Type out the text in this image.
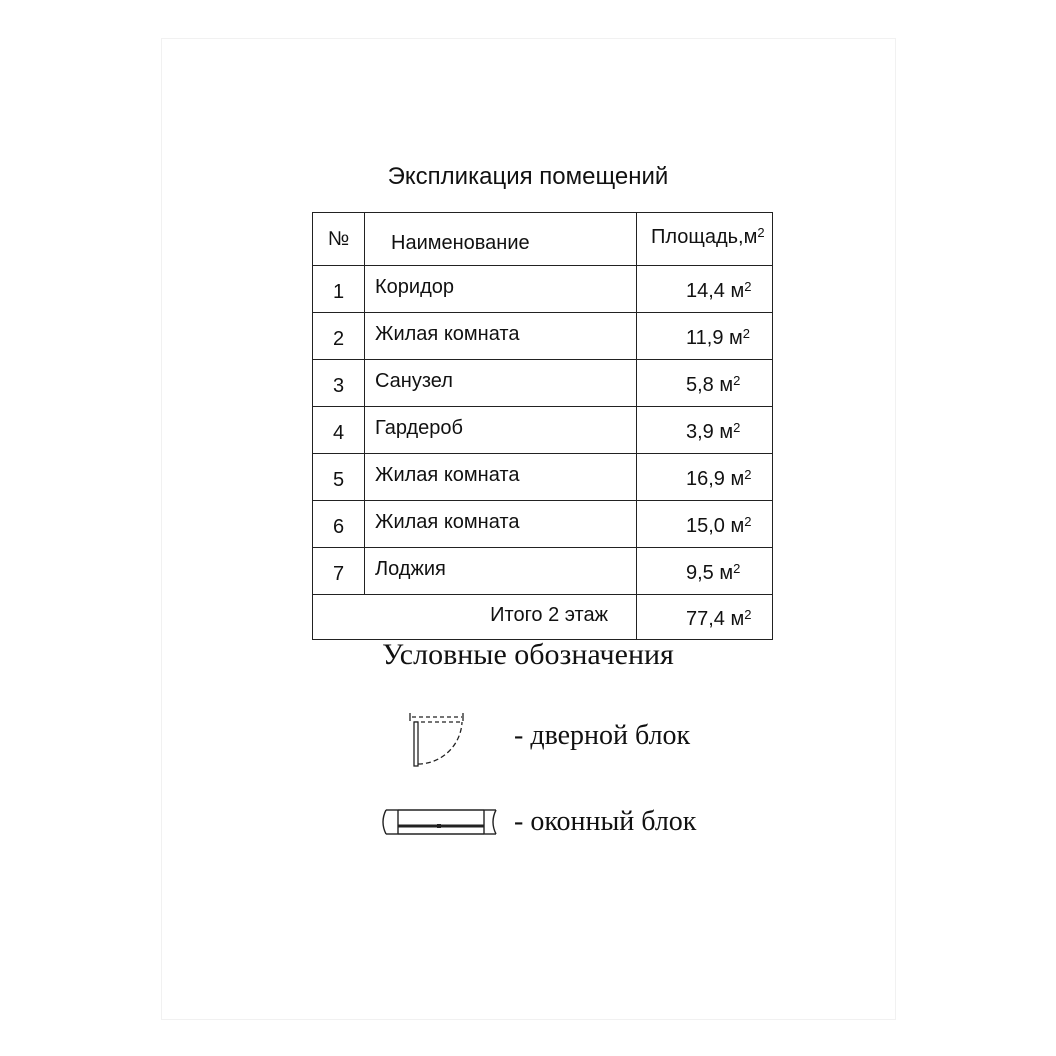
Экспликация помещений
№	Наименование	$Площадь,м^2$
1	Коридор	14,4 $м^2$
2	Жилая комната	11,9 $м^2$
3	Санузел	5,8 $м^2$
4	Гардероб	3,9 $м^2$
5	Жилая комната	16,9 $м^2$
6	Жилая комната	15,0 $м^2$
7	Лоджия	9,5 $м^2$
Итого 2 этаж		77,4 $м^2$
Условные обозначения
- дверной блок
- оконный блок
